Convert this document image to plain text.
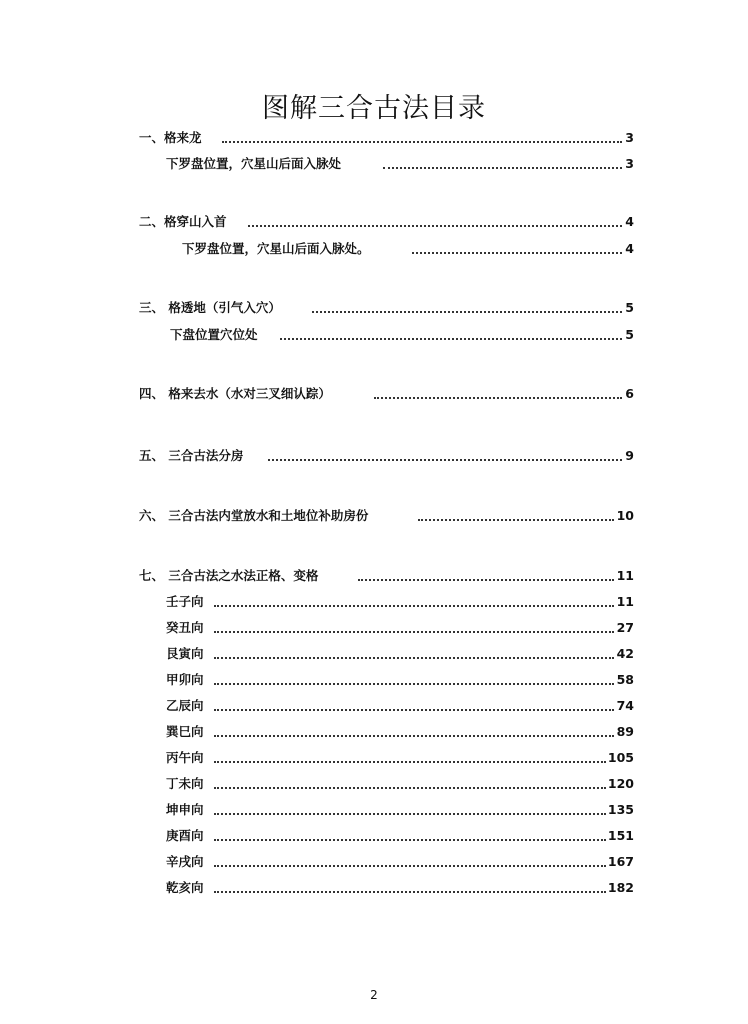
图解三合古法目录
一、格来龙	3
下罗盘位置，穴星山后面入脉处	3
二、格穿山入首	4
下罗盘位置，穴星山后面入脉处。	4
三、 格透地（引气入穴）	5
下盘位置穴位处	5
四、 格来去水（水对三叉细认踪）	6
五、 三合古法分房	9
六、 三合古法内堂放水和土地位补助房份	10
七、 三合古法之水法正格、变格	11
壬子向	11
癸丑向	27
艮寅向	42
甲卯向	58
乙辰向	74
巽巳向	89
丙午向	105
丁未向	120
坤申向	135
庚酉向	151
辛戌向	167
乾亥向	182
2
